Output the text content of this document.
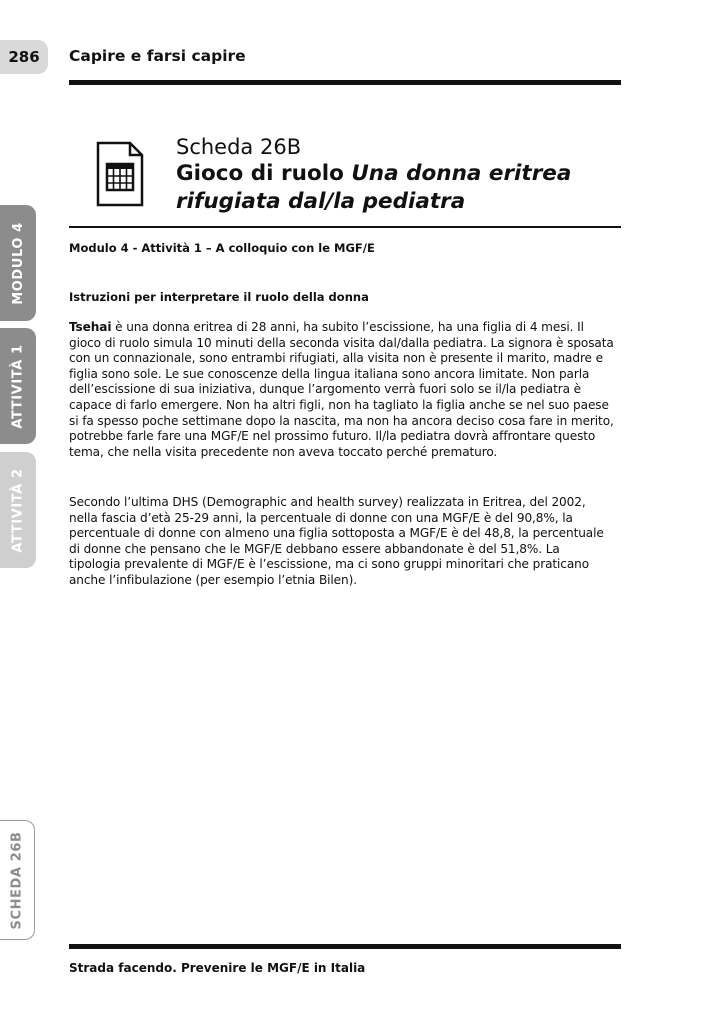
286	Capire e farsi capire
MODULO 4
ATTIVITÀ 1
ATTIVITÀ 2
SCHEDA 26B
Scheda 26B
Gioco di ruolo Una donna eritrea rifugiata dal/la pediatra
Modulo 4 - Attività 1 – A colloquio con le MGF/E
Istruzioni per interpretare il ruolo della donna
Tsehai è una donna eritrea di 28 anni, ha subito l’escissione, ha una figlia di 4 mesi. Il gioco di ruolo simula 10 minuti della seconda visita dal/dalla pediatra. La signora è sposata con un connazionale, sono entrambi rifugiati, alla visita non è presente il marito, madre e figlia sono sole. Le sue conoscenze della lingua italiana sono ancora limitate. Non parla dell’escissione di sua iniziativa, dunque l’argomento verrà fuori solo se il/la pediatra è capace di farlo emergere. Non ha altri figli, non ha tagliato la figlia anche se nel suo paese si fa spesso poche settimane dopo la nascita, ma non ha ancora deciso cosa fare in merito, potrebbe farle fare una MGF/E nel prossimo futuro. Il/la pediatra dovrà affrontare questo tema, che nella visita precedente non aveva toccato perché prematuro.
Secondo l’ultima DHS (Demographic and health survey) realizzata in Eritrea, del 2002, nella fascia d’età 25-29 anni, la percentuale di donne con una MGF/E è del 90,8%, la percentuale di donne con almeno una figlia sottoposta a MGF/E è del 48,8, la percentuale di donne che pensano che le MGF/E debbano essere abbandonate è del 51,8%. La tipologia prevalente di MGF/E è l’escissione, ma ci sono gruppi minoritari che praticano anche l’infibulazione (per esempio l’etnia Bilen).
Strada facendo. Prevenire le MGF/E in Italia
